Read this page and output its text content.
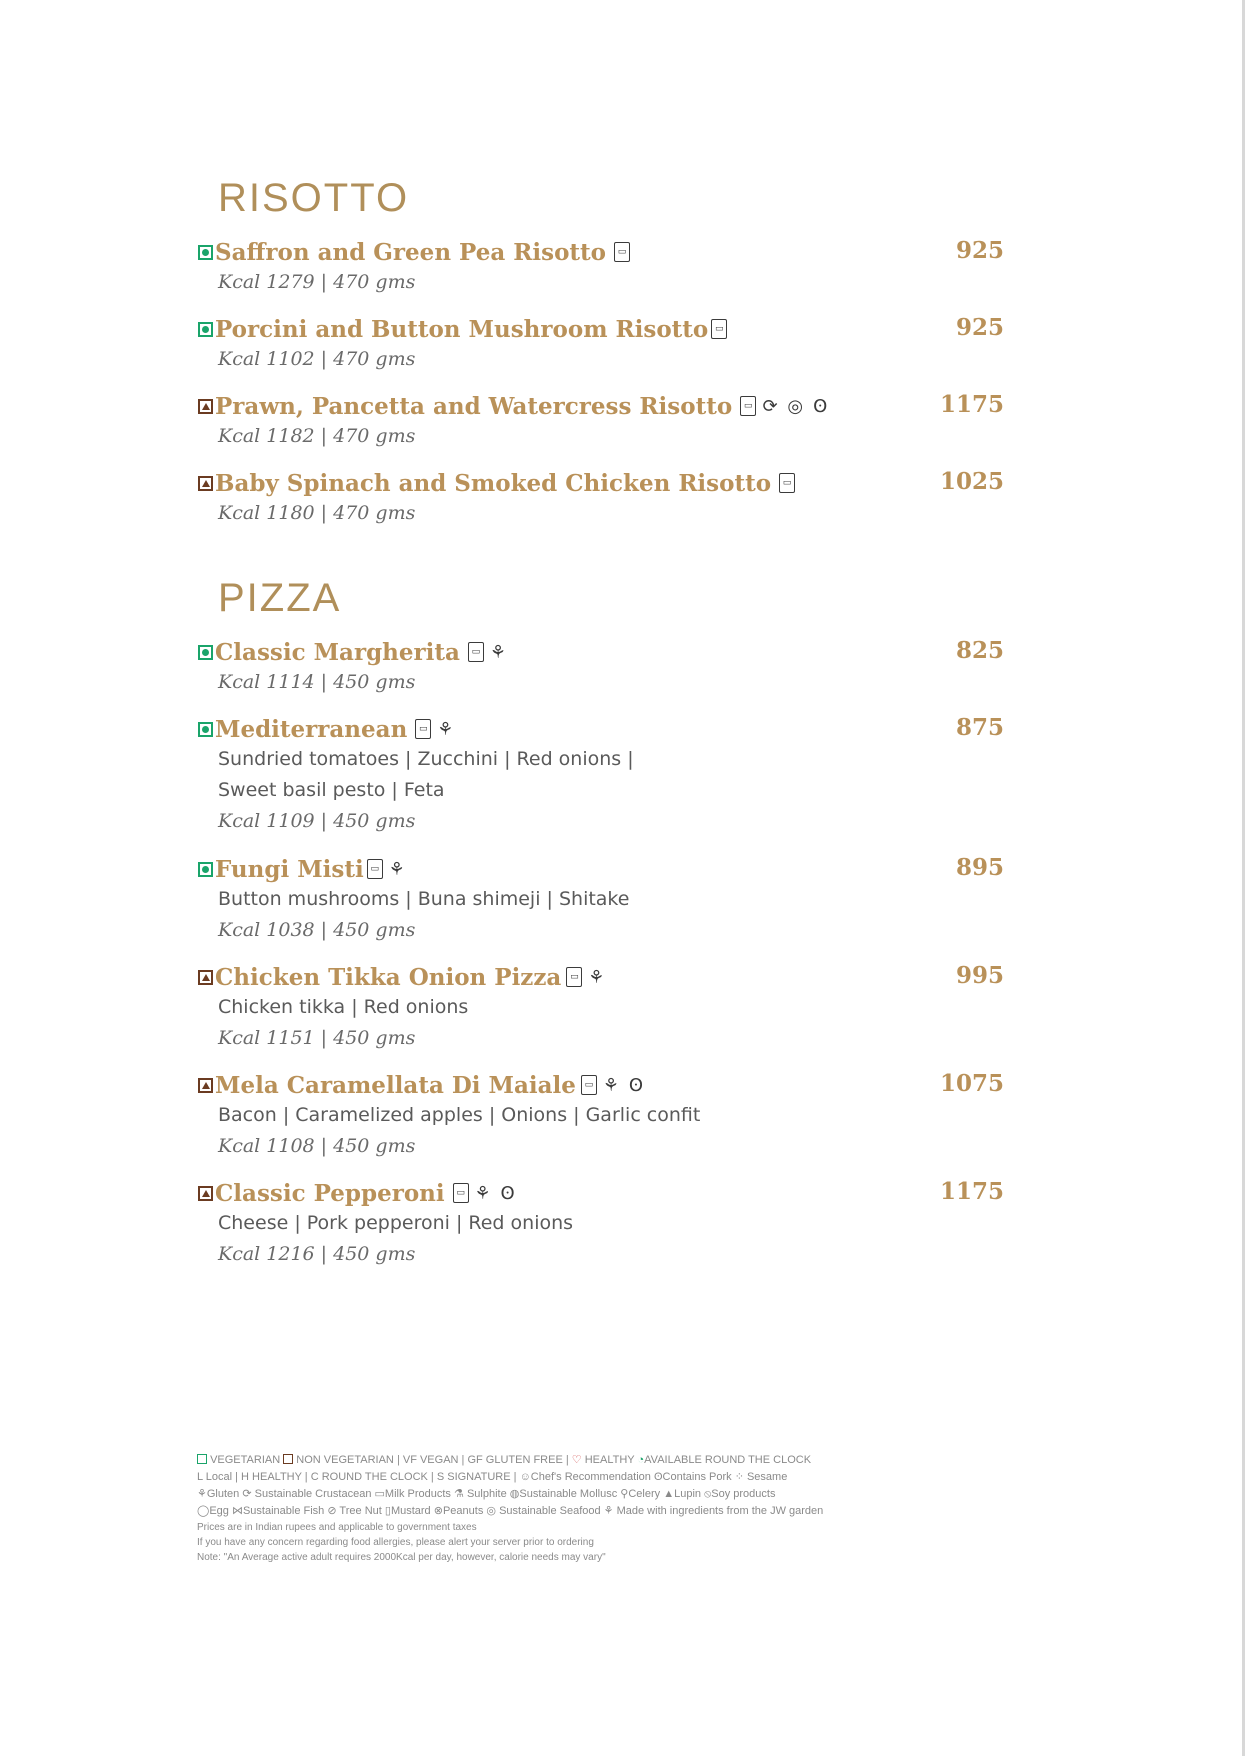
RISOTTO
Saffron and Green Pea Risotto	▭	925
Kcal 1279 | 470 gms
Porcini and Button Mushroom Risotto ▭	925
Kcal 1102 | 470 gms
Prawn, Pancetta and Watercress Risotto	▭ ⟳ ◎ ʘ	1175
Kcal 1182 | 470 gms
Baby Spinach and Smoked Chicken Risotto	▭	1025
Kcal 1180 | 470 gms
PIZZA
Classic Margherita	▭ ⚘	825
Kcal 1114 | 450 gms
Mediterranean	▭ ⚘	875
Sundried tomatoes | Zucchini | Red onions |
Sweet basil pesto | Feta
Kcal 1109 | 450 gms
Fungi Misti ▭ ⚘	895
Button mushrooms | Buna shimeji | Shitake
Kcal 1038 | 450 gms
Chicken Tikka Onion Pizza ▭ ⚘	995
Chicken tikka | Red onions
Kcal 1151 | 450 gms
Mela Caramellata Di Maiale ▭ ⚘ ʘ	1075
Bacon | Caramelized apples | Onions | Garlic confit
Kcal 1108 | 450 gms
Classic Pepperoni	▭ ⚘ ʘ	1175
Cheese | Pork pepperoni | Red onions
Kcal 1216 | 450 gms
VEGETARIAN NON VEGETARIAN | VF VEGAN | GF GLUTEN FREE | ♡ HEALTHY ◔AVAILABLE ROUND THE CLOCK
L Local | H HEALTHY | C ROUND THE CLOCK | S SIGNATURE | ☺Chef's Recommendation ʘContains Pork ⁘ Sesame
⚘Gluten ⟳ Sustainable Crustacean ▭Milk Products ⚗ Sulphite ◍Sustainable Mollusc ⚲Celery ▲Lupin ⦸Soy products
◯Egg ⋈Sustainable Fish ⊘ Tree Nut ▯Mustard ⊗Peanuts ◎ Sustainable Seafood ⚘ Made with ingredients from the JW garden
Prices are in Indian rupees and applicable to government taxes
If you have any concern regarding food allergies, please alert your server prior to ordering
Note: "An Average active adult requires 2000Kcal per day, however, calorie needs may vary"
